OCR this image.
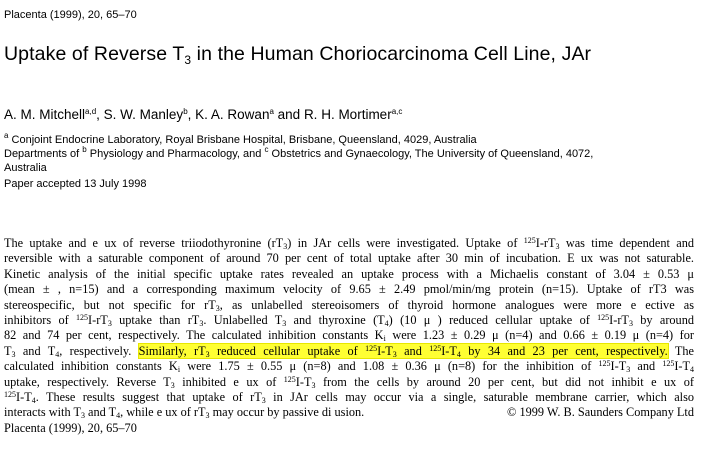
Placenta (1999), 20, 65–70
Uptake of Reverse $T_3$ in the Human Choriocarcinoma Cell Line, JAr
A. M. Mitchell$^{a,d}$, S. W. Manley$^b$, K. A. Rowan$^a$ and R. H. Mortimer$^{a,c}$
$^a$ Conjoint Endocrine Laboratory, Royal Brisbane Hospital, Brisbane, Queensland, 4029, Australia
Departments of $^b$ Physiology and Pharmacology, and $^c$ Obstetrics and Gynaecology, The University of Queensland, 4072,
Australia
Paper accepted 13 July 1998
The uptake and e ux of reverse triiodothyronine $(rT_3)$ in JAr cells were investigated. Uptake of $^{125}I-rT_3$ was time dependent and
reversible with a saturable component of around 70 per cent of total uptake after 30 min of incubation. E ux was not saturable.
Kinetic analysis of the initial specific uptake rates revealed an uptake process with a Michaelis constant of 3.04 ± 0.53 μ
(mean ± , n=15) and a corresponding maximum velocity of 9.65 ± 2.49 pmol/min/mg protein (n=15). Uptake of rT3 was
stereospecific, but not specific for $rT_3$, as unlabelled stereoisomers of thyroid hormone analogues were more e ective as
inhibitors of $^{125}I-rT_3$ uptake than $rT_3$. Unlabelled $T_3$ and thyroxine $(T_4)$ (10 μ ) reduced cellular uptake of $^{125}I-rT_3$ by around
82 and 74 per cent, respectively. The calculated inhibition constants $K_i$ were 1.23 ± 0.29 μ (n=4) and 0.66 ± 0.19 μ (n=4) for
$T_3$ and $T_4$, respectively. Similarly, $rT_3$ reduced cellular uptake of $^{125}I-T_3$ and $^{125}I-T_4$ by 34 and 23 per cent, respectively. The
calculated inhibition constants $K_i$ were 1.75 ± 0.55 μ (n=8) and 1.08 ± 0.36 μ (n=8) for the inhibition of $^{125}I-T_3$ and $^{125}I-T_4$
uptake, respectively. Reverse $T_3$ inhibited e ux of $^{125}I-T_3$ from the cells by around 20 per cent, but did not inhibit e ux of
$^{125}I-T_4$. These results suggest that uptake of $rT_3$ in JAr cells may occur via a single, saturable membrane carrier, which also
interacts with $T_3$ and $T_4$, while e ux of $rT_3$ may occur by passive di usion.	© 1999 W. B. Saunders Company Ltd
Placenta (1999), 20, 65–70
